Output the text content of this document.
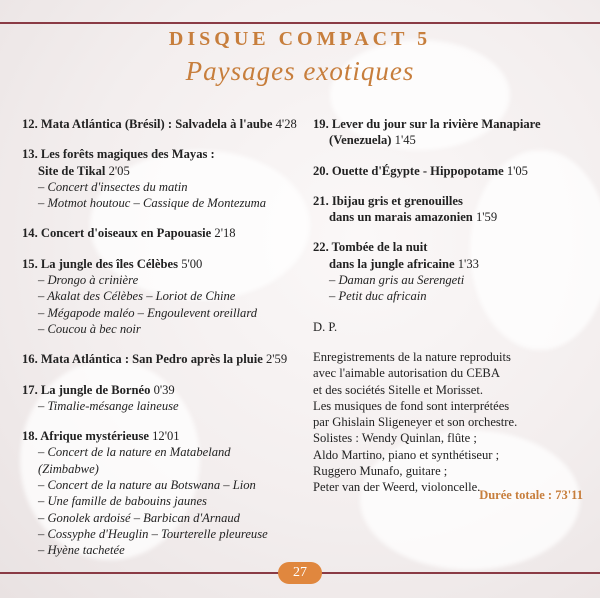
DISQUE COMPACT 5
Paysages exotiques
12. Mata Atlántica (Brésil) : Salvadela à l'aube 4'28
13. Les forêts magiques des Mayas :
Site de Tikal 2'05
– Concert d'insectes du matin
– Motmot houtouc – Cassique de Montezuma
14. Concert d'oiseaux en Papouasie 2'18
15. La jungle des îles Célèbes 5'00
– Drongo à crinière
– Akalat des Célèbes – Loriot de Chine
– Mégapode maléo – Engoulevent oreillard
– Coucou à bec noir
16. Mata Atlántica : San Pedro après la pluie 2'59
17. La jungle de Bornéo 0'39
– Timalie-mésange laineuse
18. Afrique mystérieuse 12'01
– Concert de la nature en Matabeland
(Zimbabwe)
– Concert de la nature au Botswana – Lion
– Une famille de babouins jaunes
– Gonolek ardoisé – Barbican d'Arnaud
– Cossyphe d'Heuglin – Tourterelle pleureuse
– Hyène tachetée
19. Lever du jour sur la rivière Manapiare
(Venezuela) 1'45
20. Ouette d'Égypte - Hippopotame 1'05
21. Ibijau gris et grenouilles
dans un marais amazonien 1'59
22. Tombée de la nuit
dans la jungle africaine 1'33
– Daman gris au Serengeti
– Petit duc africain
D. P.
Enregistrements de la nature reproduits
avec l'aimable autorisation du CEBA
et des sociétés Sitelle et Morisset.
Les musiques de fond sont interprétées
par Ghislain Sligeneyer et son orchestre.
Solistes : Wendy Quinlan, flûte ;
Aldo Martino, piano et synthétiseur ;
Ruggero Munafo, guitare ;
Peter van der Weerd, violoncelle.
Durée totale : 73'11
27
